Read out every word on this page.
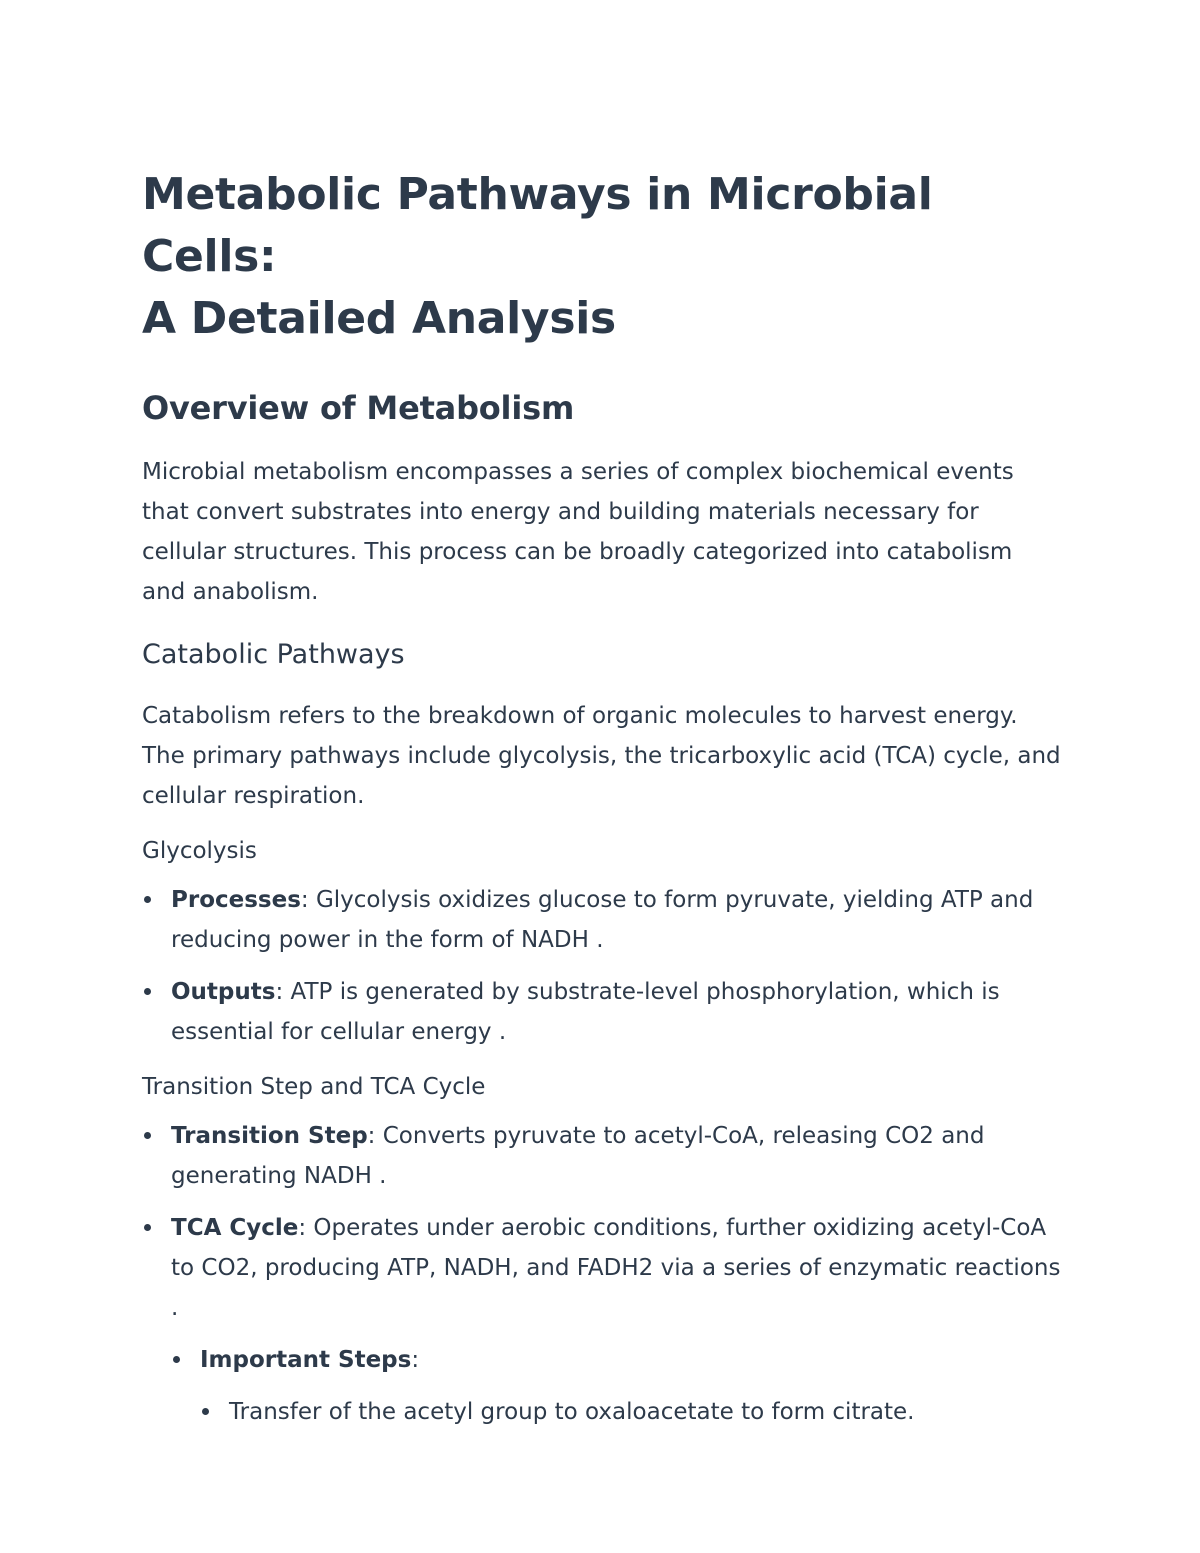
Metabolic Pathways in Microbial Cells:
A Detailed Analysis
Overview of Metabolism

Microbial metabolism encompasses a series of complex biochemical events that convert substrates into energy and building materials necessary for cellular structures. This process can be broadly categorized into catabolism and anabolism.

Catabolic Pathways

Catabolism refers to the breakdown of organic molecules to harvest energy. The primary pathways include glycolysis, the tricarboxylic acid (TCA) cycle, and cellular respiration.

Glycolysis
Processes: Glycolysis oxidizes glucose to form pyruvate, yielding ATP and reducing power in the form of NADH .
Outputs: ATP is generated by substrate-level phosphorylation, which is essential for cellular energy .
Transition Step and TCA Cycle
Transition Step: Converts pyruvate to acetyl-CoA, releasing CO2 and generating NADH .
TCA Cycle: Operates under aerobic conditions, further oxidizing acetyl-CoA to CO2, producing ATP, NADH, and FADH2 via a series of enzymatic reactions .
Important Steps:
Transfer of the acetyl group to oxaloacetate to form citrate.
